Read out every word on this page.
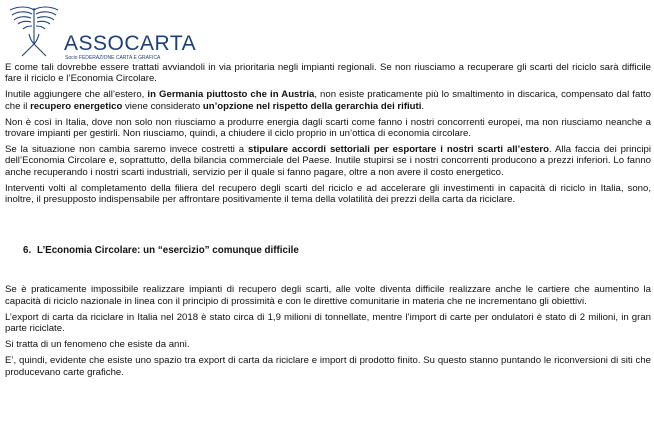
ASSOCARTA
Socio FEDERAZIONE CARTA E GRAFICA

E come tali dovrebbe essere trattati avviandoli in via prioritaria negli impianti regionali. Se non riusciamo a recuperare gli scarti del riciclo sarà difficile fare il riciclo e l’Economia Circolare.

Inutile aggiungere che all’estero, in Germania piuttosto che in Austria, non esiste praticamente più lo smaltimento in discarica, compensato dal fatto che il recupero energetico viene considerato un’opzione nel rispetto della gerarchia dei rifiuti.

Non è così in Italia, dove non solo non riusciamo a produrre energia dagli scarti come fanno i nostri concorrenti europei, ma non riusciamo neanche a trovare impianti per gestirli. Non riusciamo, quindi, a chiudere il ciclo proprio in un’ottica di economia circolare.

Se la situazione non cambia saremo invece costretti a stipulare accordi settoriali per esportare i nostri scarti all’estero. Alla faccia dei principi dell’Economia Circolare e, soprattutto, della bilancia commerciale del Paese. Inutile stupirsi se i nostri concorrenti producono a prezzi inferiori. Lo fanno anche recuperando i nostri scarti industriali, servizio per il quale si fanno pagare, oltre a non avere il costo energetico.

Interventi volti al completamento della filiera del recupero degli scarti del riciclo e ad accelerare gli investimenti in capacità di riciclo in Italia, sono, inoltre, il presupposto indispensabile per affrontare positivamente il tema della volatilità dei prezzi della carta da riciclare.

6. L’Economia Circolare: un “esercizio” comunque difficile

Se è praticamente impossibile realizzare impianti di recupero degli scarti, alle volte diventa difficile realizzare anche le cartiere che aumentino la capacità di riciclo nazionale in linea con il principio di prossimità e con le direttive comunitarie in materia che ne incrementano gli obiettivi.

L’export di carta da riciclare in Italia nel 2018 è stato circa di 1,9 milioni di tonnellate, mentre l’import di carte per ondulatori è stato di 2 milioni, in gran parte riciclate.

Si tratta di un fenomeno che esiste da anni.

E’, quindi, evidente che esiste uno spazio tra export di carta da riciclare e import di prodotto finito. Su questo stanno puntando le riconversioni di siti che producevano carte grafiche.
